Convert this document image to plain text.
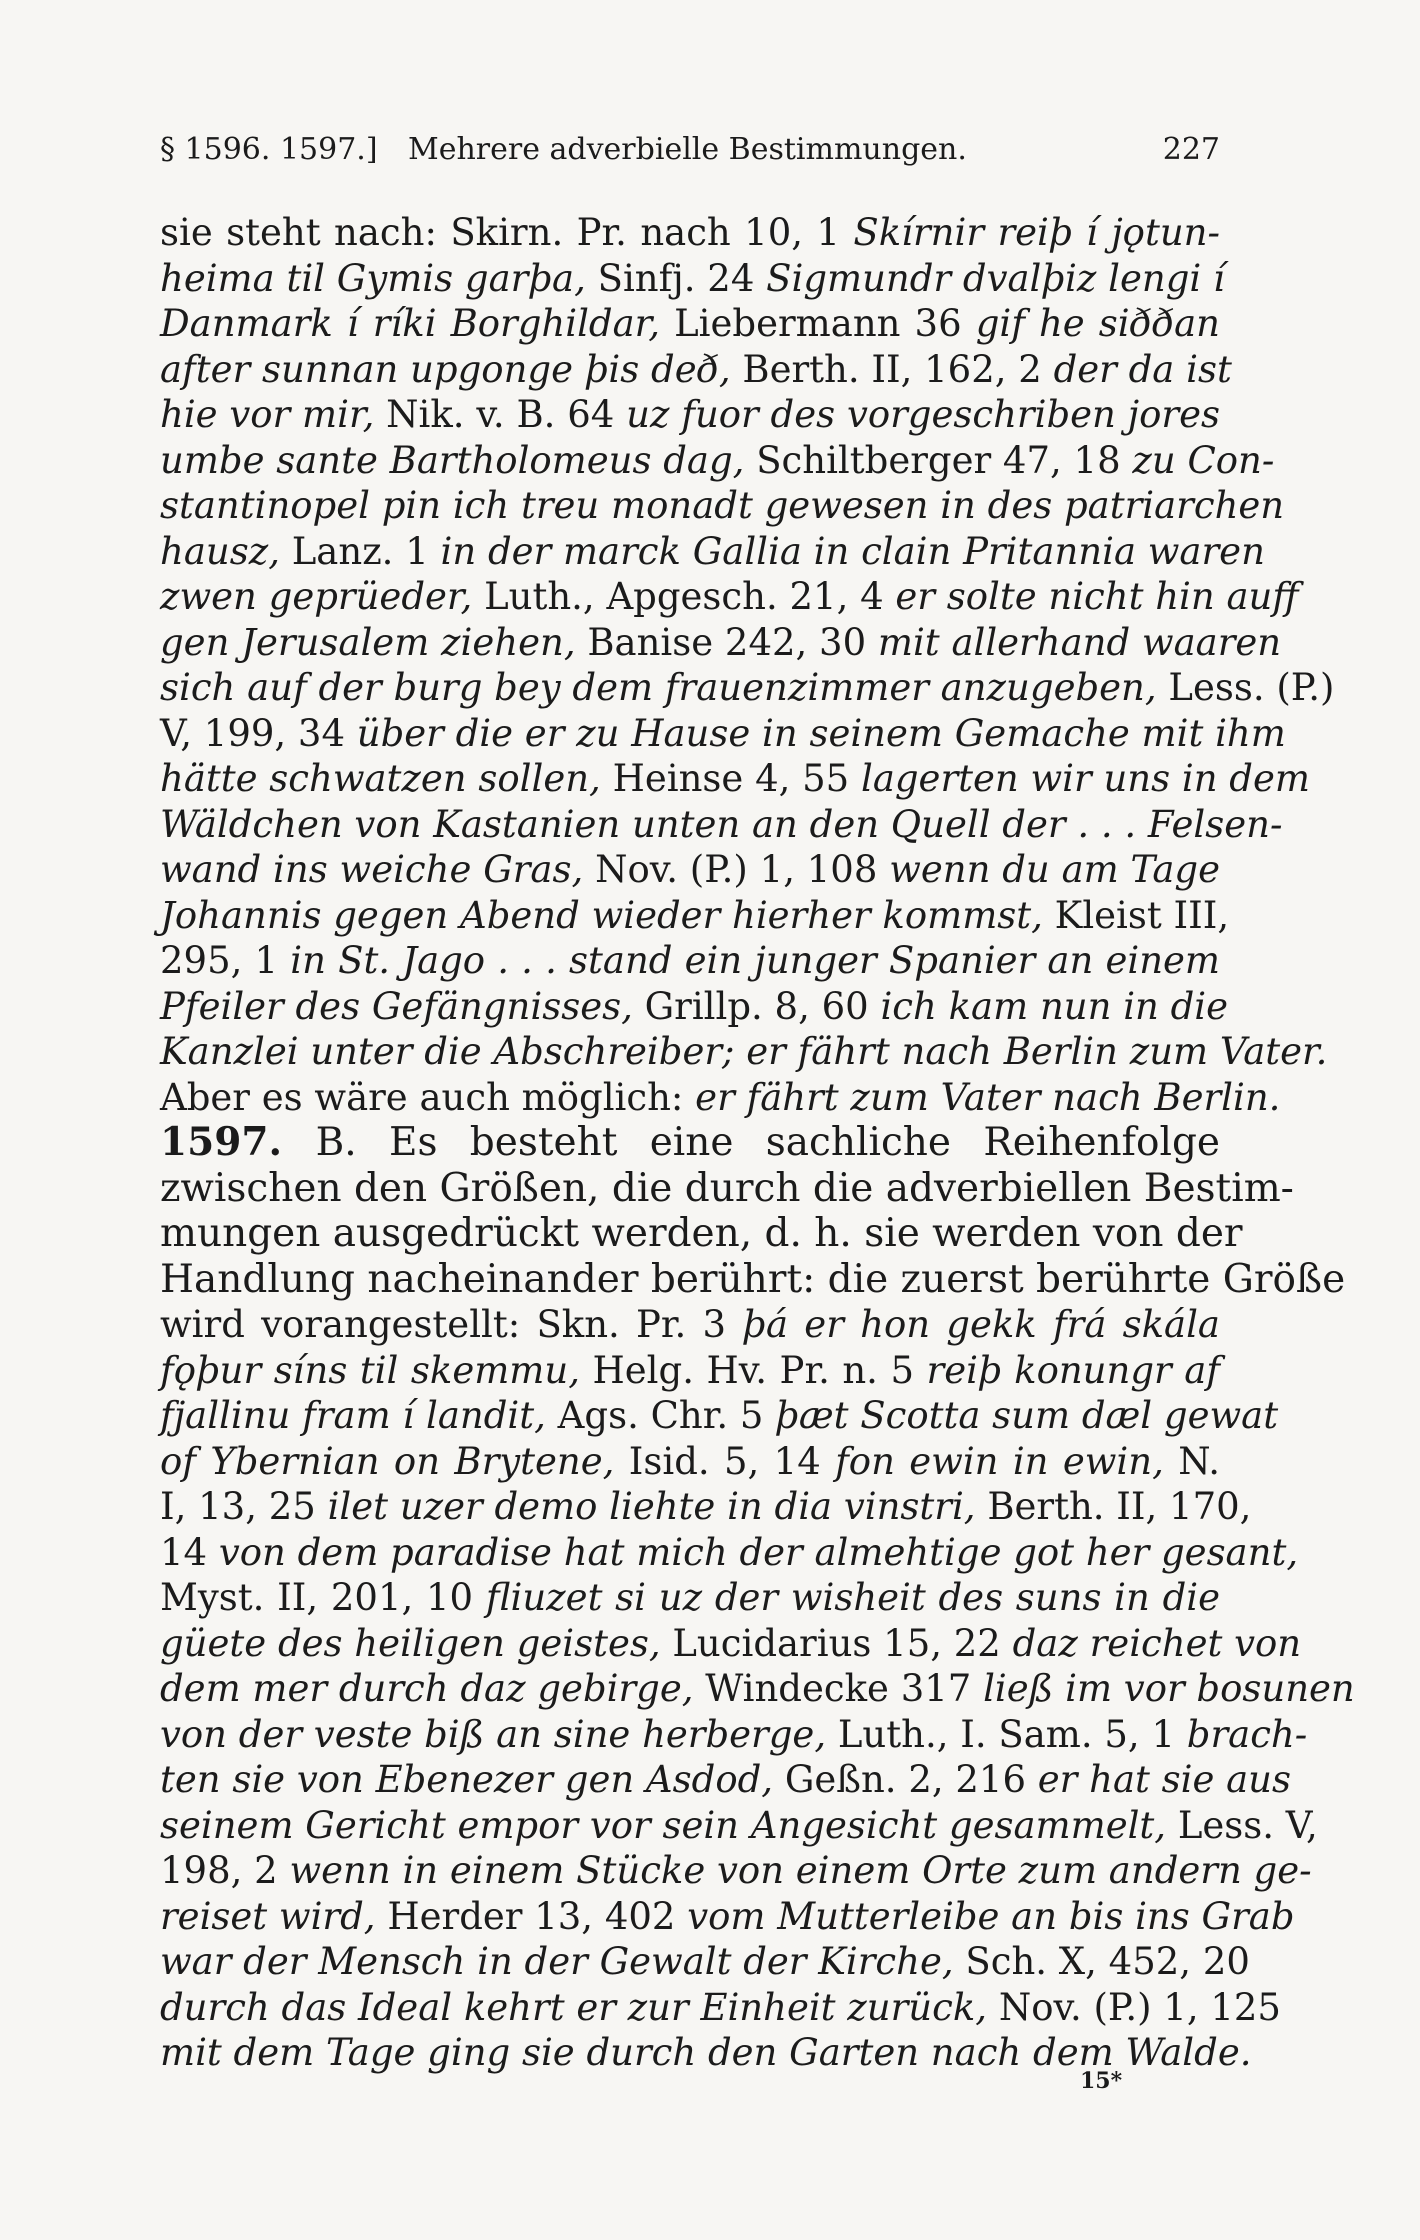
§ 1596. 1597.] Mehrere adverbielle Bestimmungen.	227
sie steht nach: Skirn. Pr. nach 10, 1 Skírnir reiþ í jǫtun-
heima til Gymis garþa, Sinfj. 24 Sigmundr dvalþiz lengi í
Danmark í ríki Borghildar, Liebermann 36 gif he siððan
after sunnan upgonge þis deð, Berth. II, 162, 2 der da ist
hie vor mir, Nik. v. B. 64 uz fuor des vorgeschriben jores
umbe sante Bartholomeus dag, Schiltberger 47, 18 zu Con-
stantinopel pin ich treu monadt gewesen in des patriarchen
hausz, Lanz. 1 in der marck Gallia in clain Pritannia waren
zwen geprüeder, Luth., Apgesch. 21, 4 er solte nicht hin auff
gen Jerusalem ziehen, Banise 242, 30 mit allerhand waaren
sich auf der burg bey dem frauenzimmer anzugeben, Less. (P.)
V, 199, 34 über die er zu Hause in seinem Gemache mit ihm
hätte schwatzen sollen, Heinse 4, 55 lagerten wir uns in dem
Wäldchen von Kastanien unten an den Quell der . . . Felsen-
wand ins weiche Gras, Nov. (P.) 1, 108 wenn du am Tage
Johannis gegen Abend wieder hierher kommst, Kleist III,
295, 1 in St. Jago . . . stand ein junger Spanier an einem
Pfeiler des Gefängnisses, Grillp. 8, 60 ich kam nun in die
Kanzlei unter die Abschreiber; er fährt nach Berlin zum Vater.
Aber es wäre auch möglich: er fährt zum Vater nach Berlin.
1597. B. Es besteht eine sachliche Reihenfolge
zwischen den Größen, die durch die adverbiellen Bestim-
mungen ausgedrückt werden, d. h. sie werden von der
Handlung nacheinander berührt: die zuerst berührte Größe
wird vorangestellt: Skn. Pr. 3 þá er hon gekk frá skála
fǫþur síns til skemmu, Helg. Hv. Pr. n. 5 reiþ konungr af
fjallinu fram í landit, Ags. Chr. 5 þæt Scotta sum dæl gewat
of Ybernian on Brytene, Isid. 5, 14 fon ewin in ewin, N.
I, 13, 25 ilet uzer demo liehte in dia vinstri, Berth. II, 170,
14 von dem paradise hat mich der almehtige got her gesant,
Myst. II, 201, 10 fliuzet si uz der wisheit des suns in die
güete des heiligen geistes, Lucidarius 15, 22 daz reichet von
dem mer durch daz gebirge, Windecke 317 ließ im vor bosunen
von der veste biß an sine herberge, Luth., I. Sam. 5, 1 brach-
ten sie von Ebenezer gen Asdod, Geßn. 2, 216 er hat sie aus
seinem Gericht empor vor sein Angesicht gesammelt, Less. V,
198, 2 wenn in einem Stücke von einem Orte zum andern ge-
reiset wird, Herder 13, 402 vom Mutterleibe an bis ins Grab
war der Mensch in der Gewalt der Kirche, Sch. X, 452, 20
durch das Ideal kehrt er zur Einheit zurück, Nov. (P.) 1, 125
mit dem Tage ging sie durch den Garten nach dem Walde.
15*
